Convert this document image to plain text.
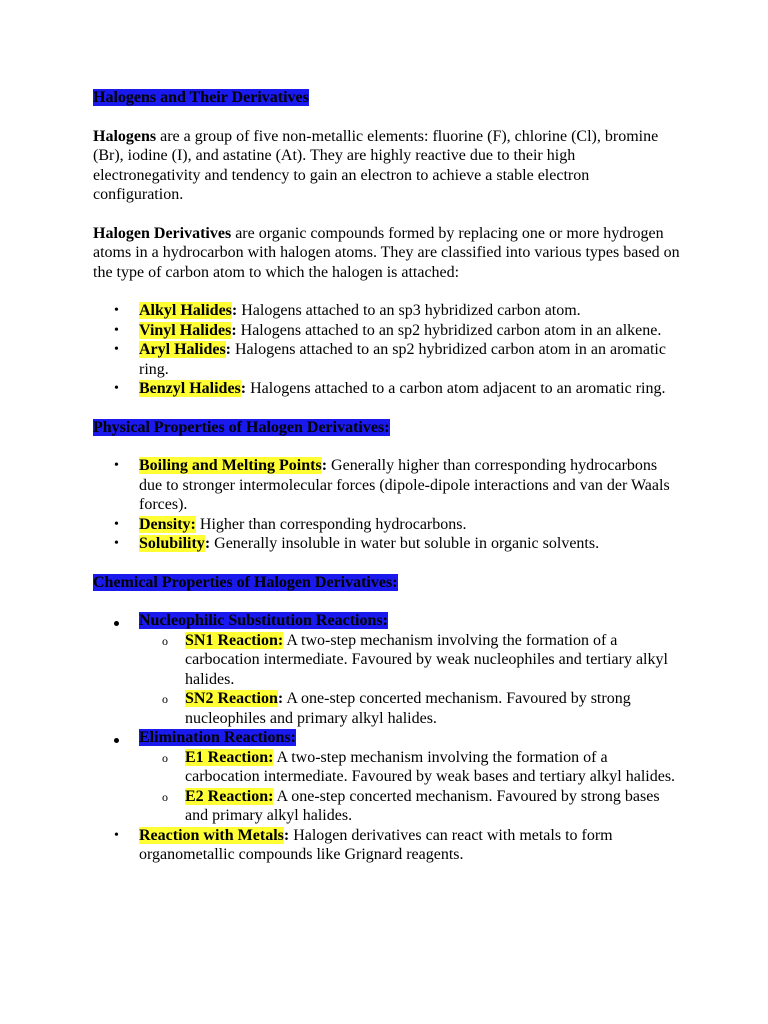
Halogens and Their Derivatives

Halogens are a group of five non-metallic elements: fluorine (F), chlorine (Cl), bromine (Br), iodine (I), and astatine (At). They are highly reactive due to their high electronegativity and tendency to gain an electron to achieve a stable electron configuration.

Halogen Derivatives are organic compounds formed by replacing one or more hydrogen atoms in a hydrocarbon with halogen atoms. They are classified into various types based on the type of carbon atom to which the halogen is attached:

• Alkyl Halides: Halogens attached to an sp3 hybridized carbon atom.
• Vinyl Halides: Halogens attached to an sp2 hybridized carbon atom in an alkene.
• Aryl Halides: Halogens attached to an sp2 hybridized carbon atom in an aromatic ring.
• Benzyl Halides: Halogens attached to a carbon atom adjacent to an aromatic ring.
Physical Properties of Halogen Derivatives:
• Boiling and Melting Points: Generally higher than corresponding hydrocarbons due to stronger intermolecular forces (dipole-dipole interactions and van der Waals forces).
• Density: Higher than corresponding hydrocarbons.
• Solubility: Generally insoluble in water but soluble in organic solvents.
Chemical Properties of Halogen Derivatives:
Nucleophilic Substitution Reactions:
o SN1 Reaction: A two-step mechanism involving the formation of a carbocation intermediate. Favoured by weak nucleophiles and tertiary alkyl halides.
o SN2 Reaction: A one-step concerted mechanism. Favoured by strong nucleophiles and primary alkyl halides.
Elimination Reactions:
o E1 Reaction: A two-step mechanism involving the formation of a carbocation intermediate. Favoured by weak bases and tertiary alkyl halides.
o E2 Reaction: A one-step concerted mechanism. Favoured by strong bases and primary alkyl halides.
• Reaction with Metals: Halogen derivatives can react with metals to form organometallic compounds like Grignard reagents.
